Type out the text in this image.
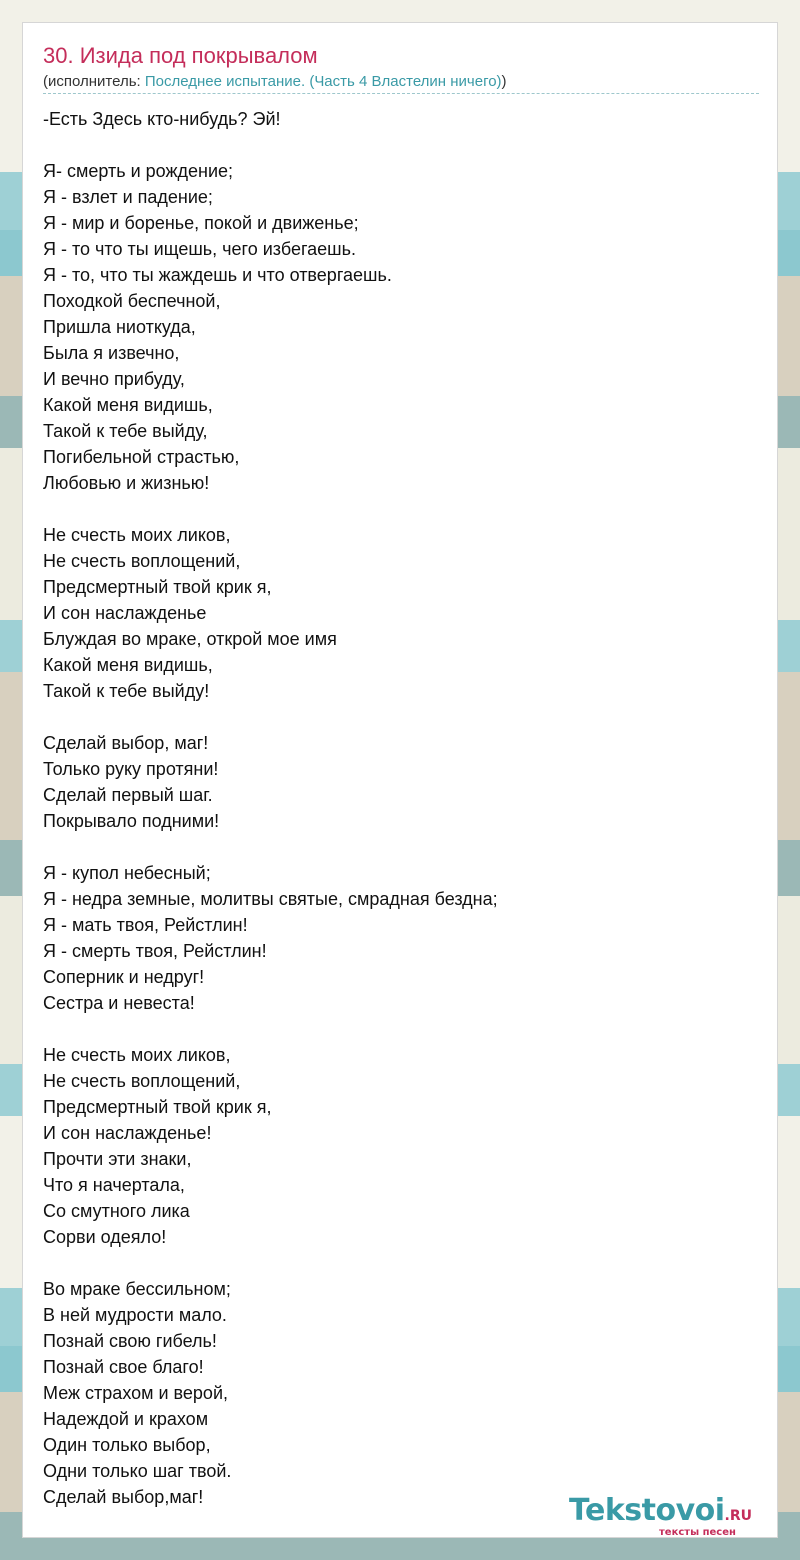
30. Изида под покрывалом
(исполнитель: Последнее испытание. (Часть 4 Властелин ничего))
-Есть Здесь кто-нибудь? Эй!
Я- смерть и рождение;
Я - взлет и падение;
Я - мир и боренье, покой и движенье;
Я - то что ты ищешь, чего избегаешь.
Я - то, что ты жаждешь и что отвергаешь.
Походкой беспечной,
Пришла ниоткуда,
Была я извечно,
И вечно прибуду,
Какой меня видишь,
Такой к тебе выйду,
Погибельной страстью,
Любовью и жизнью!
Не счесть моих ликов,
Не счесть воплощений,
Предсмертный твой крик я,
И сон наслажденье
Блуждая во мраке, открой мое имя
Какой меня видишь,
Такой к тебе выйду!
Сделай выбор, маг!
Только руку протяни!
Сделай первый шаг.
Покрывало подними!
Я - купол небесный;
Я - недра земные, молитвы святые, смрадная бездна;
Я - мать твоя, Рейстлин!
Я - смерть твоя, Рейстлин!
Соперник и недруг!
Сестра и невеста!
Не счесть моих ликов,
Не счесть воплощений,
Предсмертный твой крик я,
И сон наслажденье!
Прочти эти знаки,
Что я начертала,
Со смутного лика
Сорви одеяло!
Во мраке бессильном;
В ней мудрости мало.
Познай свою гибель!
Познай свое благо!
Меж страхом и верой,
Надеждой и крахом
Один только выбор,
Одни только шаг твой.
Сделай выбор,маг!	Tekstovoi.RU
тексты песен
